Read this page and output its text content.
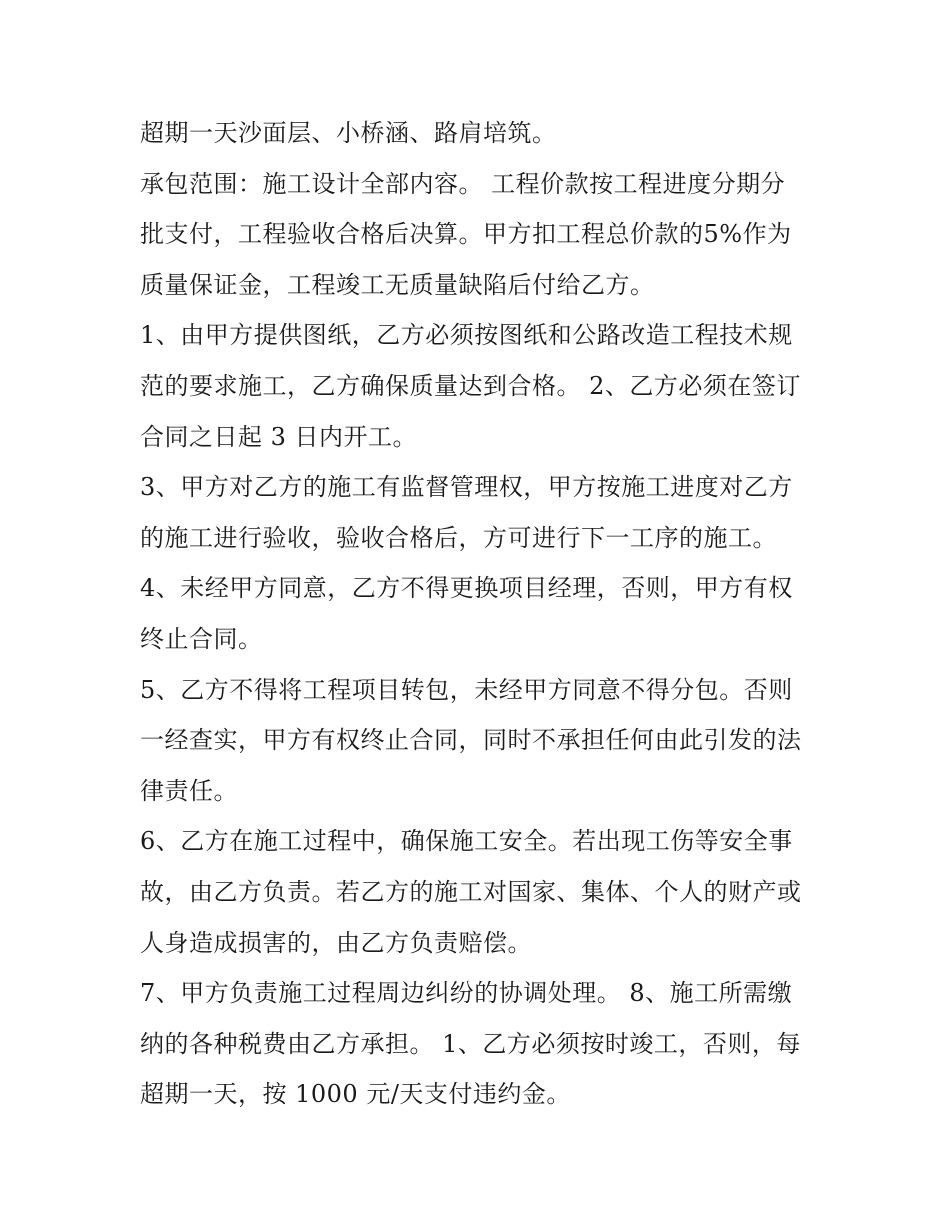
超期一天沙面层、小桥涵、路肩培筑。
承包范围：施工设计全部内容。 工程价款按工程进度分期分
批支付，工程验收合格后决算。甲方扣工程总价款的5%作为
质量保证金，工程竣工无质量缺陷后付给乙方。
1、由甲方提供图纸，乙方必须按图纸和公路改造工程技术规
范的要求施工，乙方确保质量达到合格。 2、乙方必须在签订
合同之日起 3 日内开工。
3、甲方对乙方的施工有监督管理权，甲方按施工进度对乙方
的施工进行验收，验收合格后，方可进行下一工序的施工。
4、未经甲方同意，乙方不得更换项目经理，否则，甲方有权
终止合同。
5、乙方不得将工程项目转包，未经甲方同意不得分包。否则
一经查实，甲方有权终止合同，同时不承担任何由此引发的法
律责任。
6、乙方在施工过程中，确保施工安全。若出现工伤等安全事
故，由乙方负责。若乙方的施工对国家、集体、个人的财产或
人身造成损害的，由乙方负责赔偿。
7、甲方负责施工过程周边纠纷的协调处理。 8、施工所需缴
纳的各种税费由乙方承担。 1、乙方必须按时竣工，否则，每
超期一天，按 1000 元/天支付违约金。
